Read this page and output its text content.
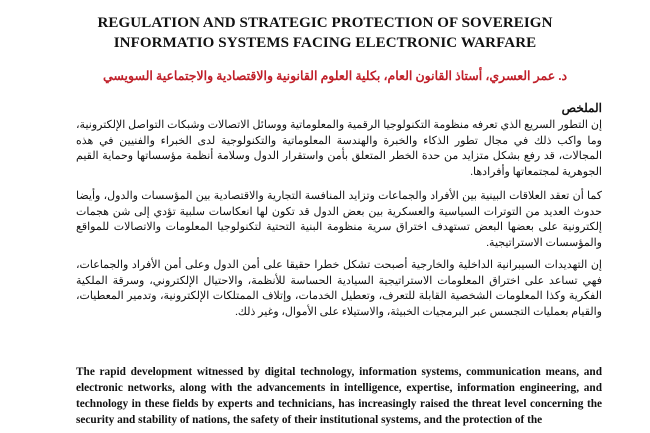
REGULATION AND STRATEGIC PROTECTION OF SOVEREIGN
INFORMATIO SYSTEMS FACING ELECTRONIC WARFARE
د. عمر العسري، أستاذ القانون العام، بكلية العلوم القانونية والاقتصادية والاجتماعية السويسي
الملخص

إن التطور السريع الذي تعرفه منظومة التكنولوجيا الرقمية والمعلوماتية ووسائل الاتصالات وشبكات التواصل الإلكترونية، وما واكب ذلك في مجال تطور الذكاء والخبرة والهندسة المعلوماتية والتكنولوجية لدى الخبراء والفنيين في هذه المجالات، قد رفع بشكل متزايد من حدة الخطر المتعلق بأمن واستقرار الدول وسلامة أنظمة مؤسساتها وحماية القيم الجوهرية لمجتمعاتها وأفرادها.

كما أن تعقد العلاقات البينية بين الأفراد والجماعات وتزايد المنافسة التجارية والاقتصادية بين المؤسسات والدول، وأيضا حدوث العديد من التوترات السياسية والعسكرية بين بعض الدول قد تكون لها انعكاسات سلبية تؤدي إلى شن هجمات إلكترونية على بعضها البعض تستهدف اختراق سرية منظومة البنية التحتية لتكنولوجيا المعلومات والاتصالات للمواقع والمؤسسات الاستراتيجية.

إن التهديدات السيبرانية الداخلية والخارجية أصبحت تشكل خطرا حقيقا على أمن الدول وعلى أمن الأفراد والجماعات، فهي تساعد على اختراق المعلومات الاستراتيجية السيادية الحساسة للأنظمة، والاحتيال الإلكتروني، وسرقة الملكية الفكرية وكذا المعلومات الشخصية القابلة للتعرف، وتعطيل الخدمات، وإتلاف الممتلكات الإلكترونية، وتدمير المعطيات، والقيام بعمليات التجسس عبر البرمجيات الخبيثة، والاستيلاء على الأموال، وغير ذلك.

The rapid development witnessed by digital technology, information systems, communication means, and electronic networks, along with the advancements in intelligence, expertise, information engineering, and technology in these fields by experts and technicians, has increasingly raised the threat level concerning the security and stability of nations, the safety of their institutional systems, and the protection of the
